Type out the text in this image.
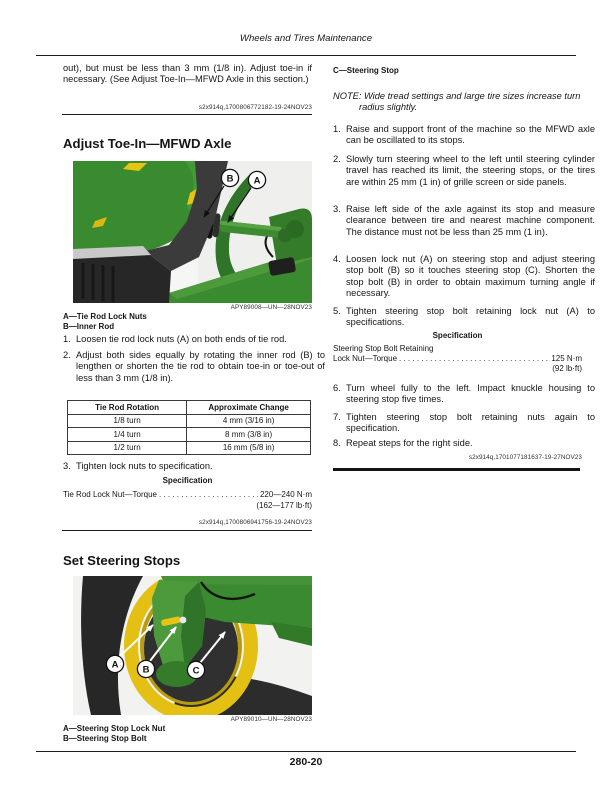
Wheels and Tires Maintenance

out), but must be less than 3 mm (1/8 in). Adjust toe-in if necessary. (See Adjust Toe-In—MFWD Axle in this section.)

s2x914q,1700806772182-19-24NOV23
Adjust Toe-In—MFWD Axle
B A
APY89008—UN—28NOV23
A—Tie Rod Lock Nuts
B—Inner Rod

1. Loosen tie rod lock nuts (A) on both ends of tie rod.

2. Adjust both sides equally by rotating the inner rod (B) to lengthen or shorten the tie rod to obtain toe-in or toe-out of less than 3 mm (1/8 in).

Tie Rod Rotation	Approximate Change
1/8 turn	4 mm (3/16 in)
1/4 turn	8 mm (3/8 in)
1/2 turn	16 mm (5/8 in)

3. Tighten lock nuts to specification.

Specification
Tie Rod Lock Nut—Torque . . .	220—240 N·m
(162—177 lb·ft)
s2x914q,1700806941756-19-24NOV23
Set Steering Stops
A	B	C
APY89010—UN—28NOV23
A—Steering Stop Lock Nut
B—Steering Stop Bolt
C—Steering Stop

NOTE: Wide tread settings and large tire sizes increase turn radius slightly.

1. Raise and support front of the machine so the MFWD axle can be oscillated to its stops.

2. Slowly turn steering wheel to the left until steering cylinder travel has reached its limit, the steering stops, or the tires are within 25 mm (1 in) of grille screen or side panels.

3. Raise left side of the axle against its stop and measure clearance between tire and nearest machine component. The distance must not be less than 25 mm (1 in).

4. Loosen lock nut (A) on steering stop and adjust steering stop bolt (B) so it touches steering stop (C). Shorten the stop bolt (B) in order to obtain maximum turning angle if necessary.

5. Tighten steering stop bolt retaining lock nut (A) to specifications.

Specification
Steering Stop Bolt Retaining
Lock Nut—Torque . . .	125 N·m
(92 lb·ft)

6. Turn wheel fully to the left. Impact knuckle housing to steering stop five times.

7. Tighten steering stop bolt retaining nuts again to specification.

8. Repeat steps for the right side.

s2x914q,1701077181637-19-27NOV23
280-20
